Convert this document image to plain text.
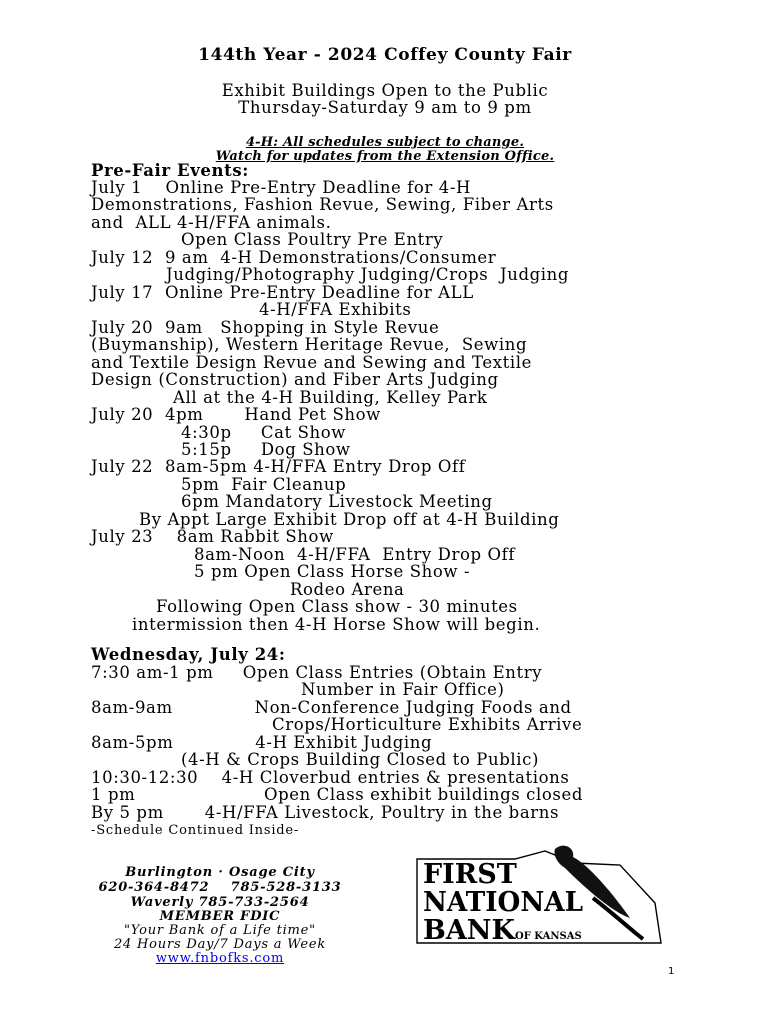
144th Year - 2024 Coffey County Fair
Exhibit Buildings Open to the Public
Thursday-Saturday 9 am to 9 pm
4-H: All schedules subject to change.
Watch for updates from the Extension Office.
Pre-Fair Events:
July 1    Online Pre-Entry Deadline for 4-H
Demonstrations, Fashion Revue, Sewing, Fiber Arts
and  ALL 4-H/FFA animals.
Open Class Poultry Pre Entry
July 12  9 am  4-H Demonstrations/Consumer
Judging/Photography Judging/Crops  Judging
July 17  Online Pre-Entry Deadline for ALL
4-H/FFA Exhibits
July 20  9am   Shopping in Style Revue
(Buymanship), Western Heritage Revue,  Sewing
and Textile Design Revue and Sewing and Textile
Design (Construction) and Fiber Arts Judging
All at the 4-H Building, Kelley Park
July 20  4pm       Hand Pet Show
4:30p     Cat Show
5:15p     Dog Show
July 22  8am-5pm 4-H/FFA Entry Drop Off
5pm  Fair Cleanup
6pm Mandatory Livestock Meeting
By Appt Large Exhibit Drop off at 4-H Building
July 23    8am Rabbit Show
8am-Noon  4-H/FFA  Entry Drop Off
5 pm Open Class Horse Show -
Rodeo Arena
Following Open Class show - 30 minutes
intermission then 4-H Horse Show will begin.
Wednesday, July 24:
7:30 am-1 pm     Open Class Entries (Obtain Entry
Number in Fair Office)
8am-9am              Non-Conference Judging Foods and
Crops/Horticulture Exhibits Arrive
8am-5pm              4-H Exhibit Judging
(4-H & Crops Building Closed to Public)
10:30-12:30    4-H Cloverbud entries & presentations
1 pm                      Open Class exhibit buildings closed
By 5 pm       4-H/FFA Livestock, Poultry in the barns
-Schedule Continued Inside-
Burlington · Osage City
620-364-8472    785-528-3133
Waverly 785-733-2564
MEMBER FDIC
"Your Bank of a Life time"
24 Hours Day/7 Days a Week
www.fnbofks.com
FIRST
NATIONAL
BANK OF KANSAS
1
